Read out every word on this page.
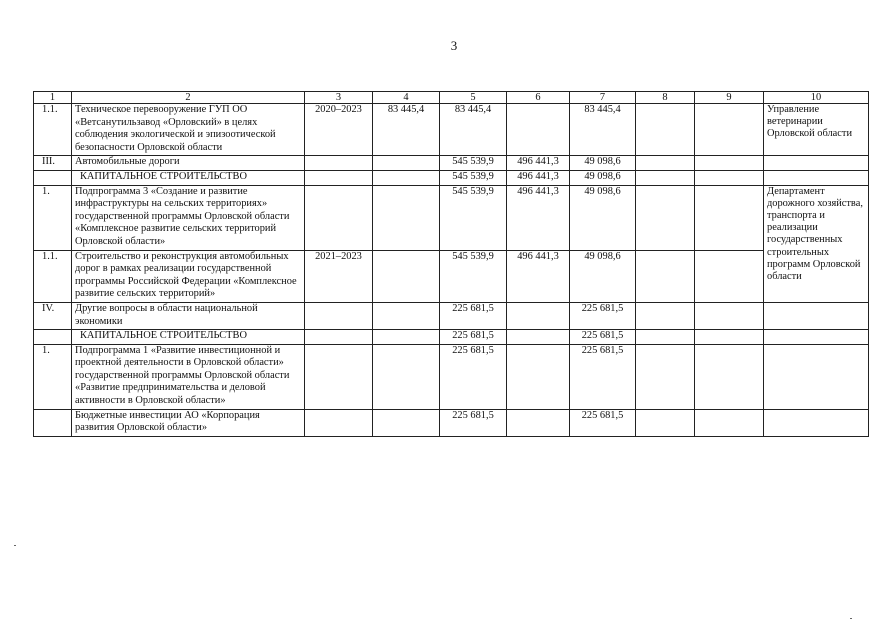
3
1	2	3	4	5	6	7	8	9	10
1.1.	Техническое перевооружение ГУП ОО «Ветсанутильзавод «Орловский» в целях соблюдения экологической и эпизоотической безопасности Орловской области	2020–2023	83 445,4	83 445,4		83 445,4			Управление ветеринарии Орловской области
III.	Автомобильные дороги			545 539,9	496 441,3	49 098,6			
	КАПИТАЛЬНОЕ СТРОИТЕЛЬСТВО			545 539,9	496 441,3	49 098,6			
1.	Подпрограмма 3 «Создание и развитие инфраструктуры на сельских территориях» государственной программы Орловской области «Комплексное развитие сельских территорий Орловской области»			545 539,9	496 441,3	49 098,6			Департамент дорожного хозяйства, транспорта и реализации государственных строительных программ Орловской области
1.1.	Строительство и реконструкция автомобильных дорог в рамках реализации государственной программы Российской Федерации «Комплексное развитие сельских территорий»	2021–2023		545 539,9	496 441,3	49 098,6			
IV.	Другие вопросы в области национальной экономики			225 681,5		225 681,5			
	КАПИТАЛЬНОЕ СТРОИТЕЛЬСТВО			225 681,5		225 681,5			
1.	Подпрограмма 1 «Развитие инвестиционной и проектной деятельности в Орловской области» государственной программы Орловской области «Развитие предпринимательства и деловой активности в Орловской области»			225 681,5		225 681,5			
	Бюджетные инвестиции АО «Корпорация развития Орловской области»			225 681,5		225 681,5			
